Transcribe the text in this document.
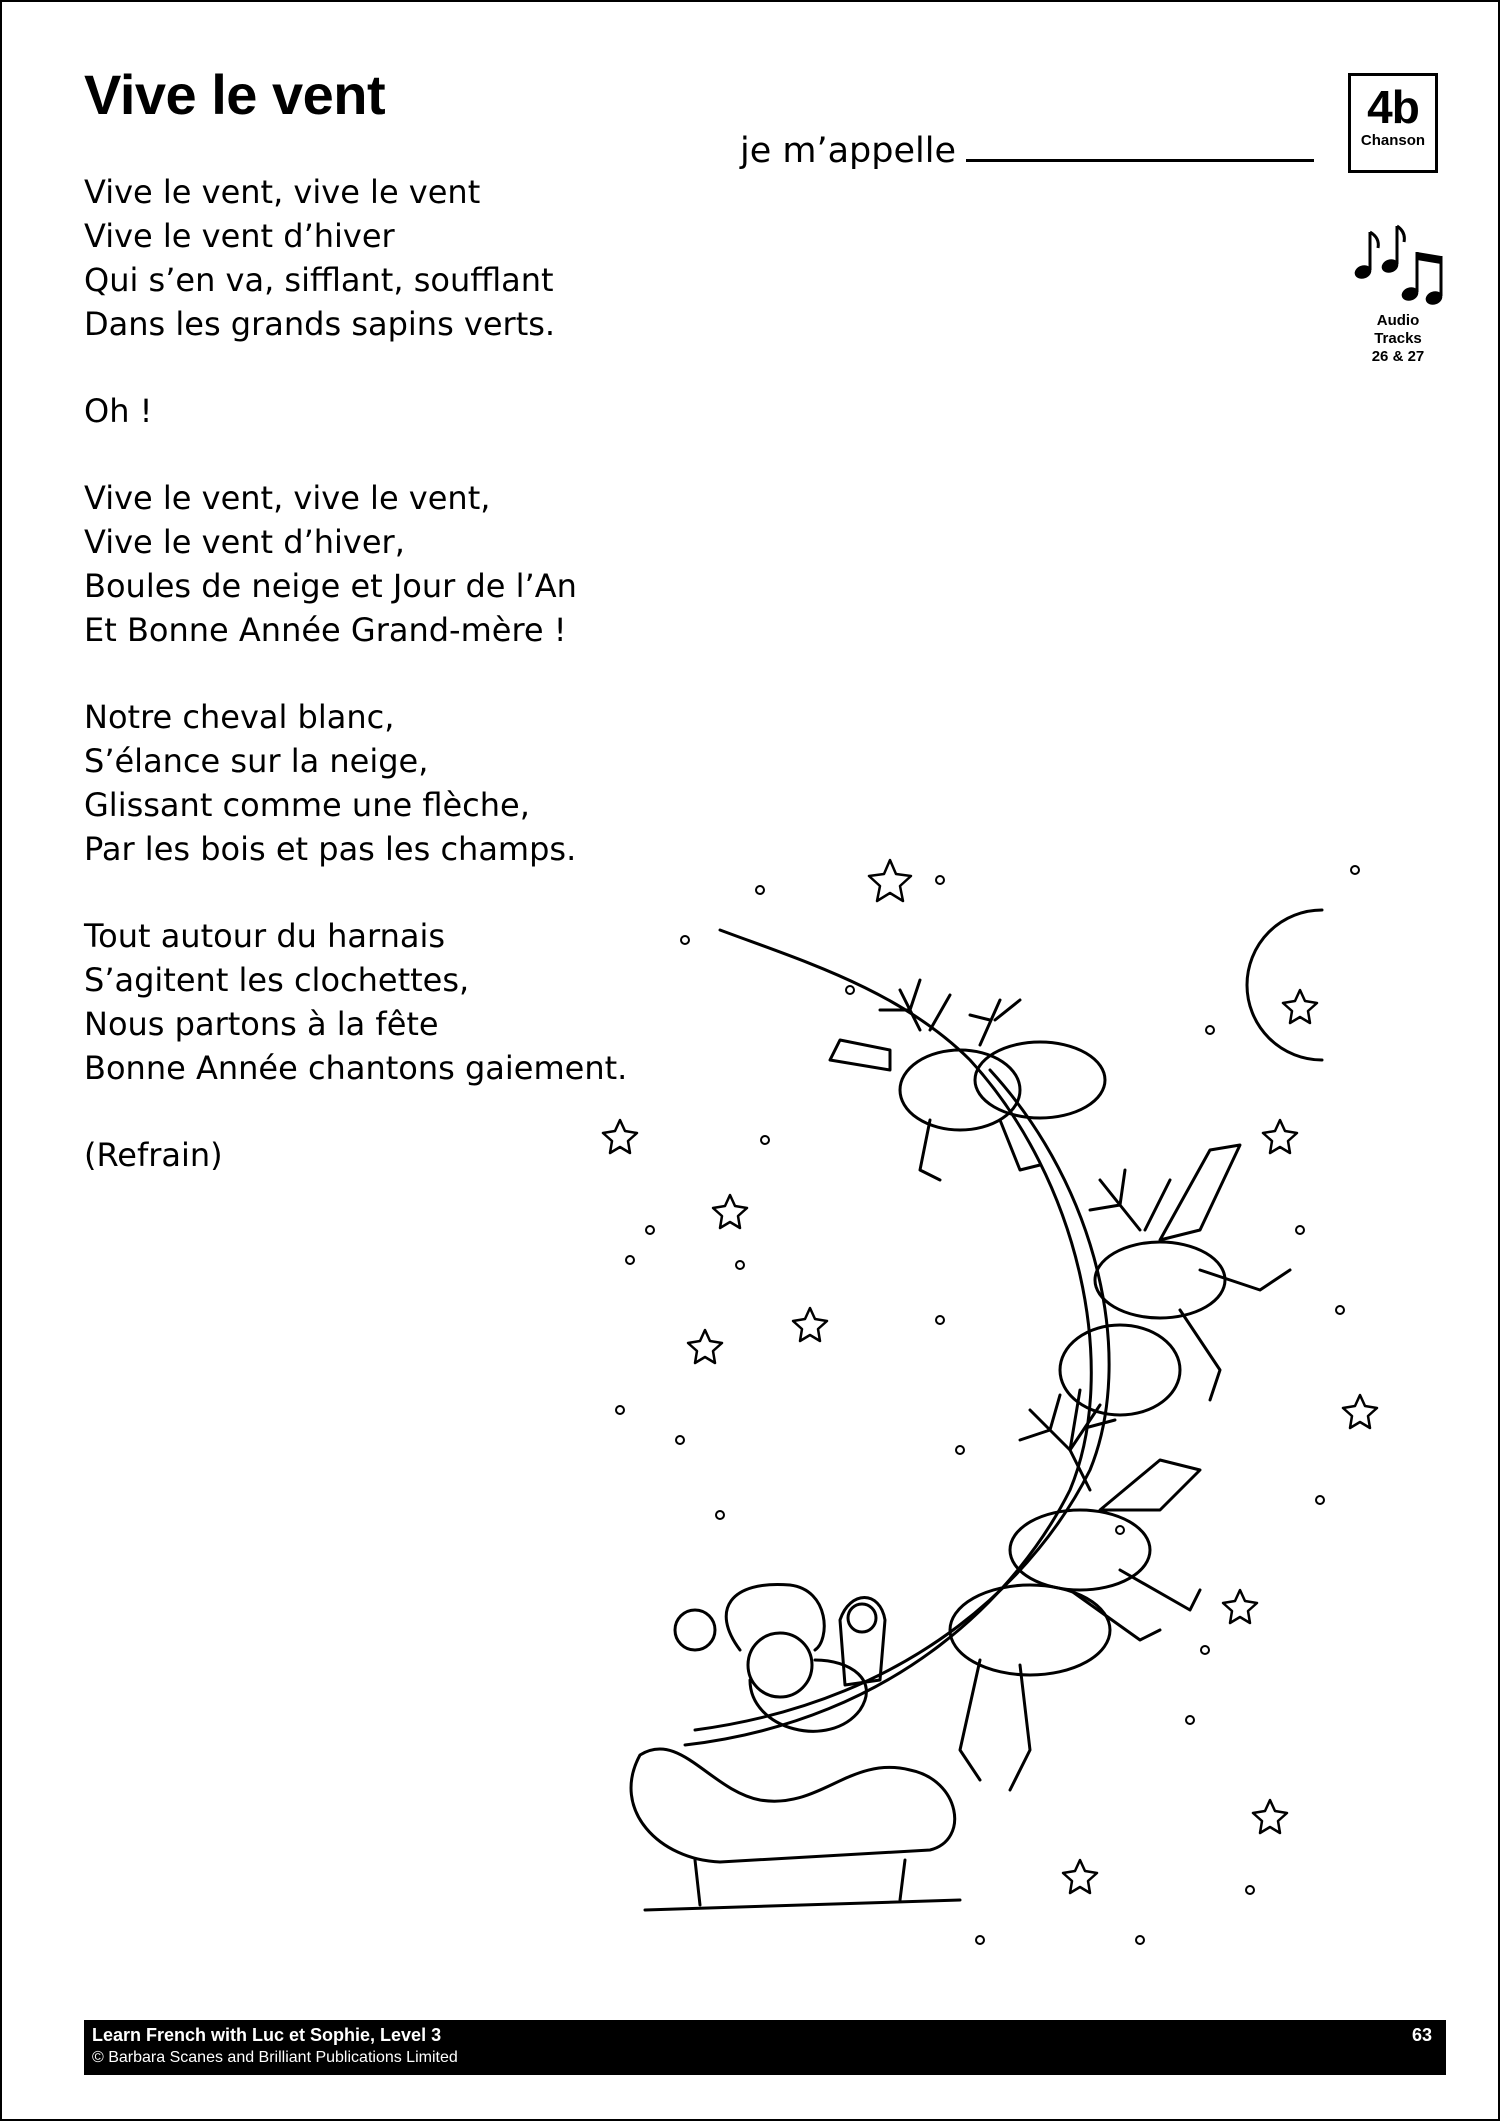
Vive le vent
je m’appelle
4b
Chanson
Audio
Tracks
26 & 27

Vive le vent, vive le vent
Vive le vent d’hiver
Qui s’en va, sifflant, soufflant
Dans les grands sapins verts.

Oh !

Vive le vent, vive le vent,
Vive le vent d’hiver,
Boules de neige et Jour de l’An
Et Bonne Année Grand-mère !

Notre cheval blanc,
S’élance sur la neige,
Glissant comme une flèche,
Par les bois et pas les champs.

Tout autour du harnais
S’agitent les clochettes,
Nous partons à la fête
Bonne Année chantons gaiement.

(Refrain)

Learn French with Luc et Sophie, Level 3
© Barbara Scanes and Brilliant Publications Limited
63
